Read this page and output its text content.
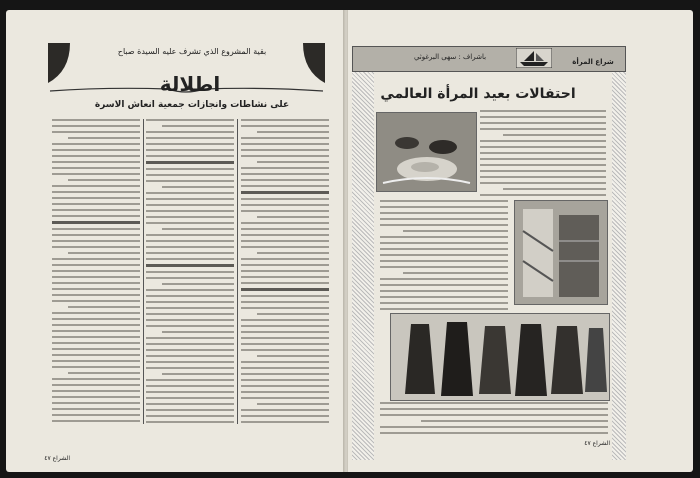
بقية المشروع الذي تشرف عليه السيدة صباح
اطلالة
على نشاطات وانجازات جمعية انعاش الاسرة
الشراع ٤٧
شراع المرأة
باشراف : سهى البرغوثي
احتفالات بعيد المرأة العالمي
الشراع ٤٧
